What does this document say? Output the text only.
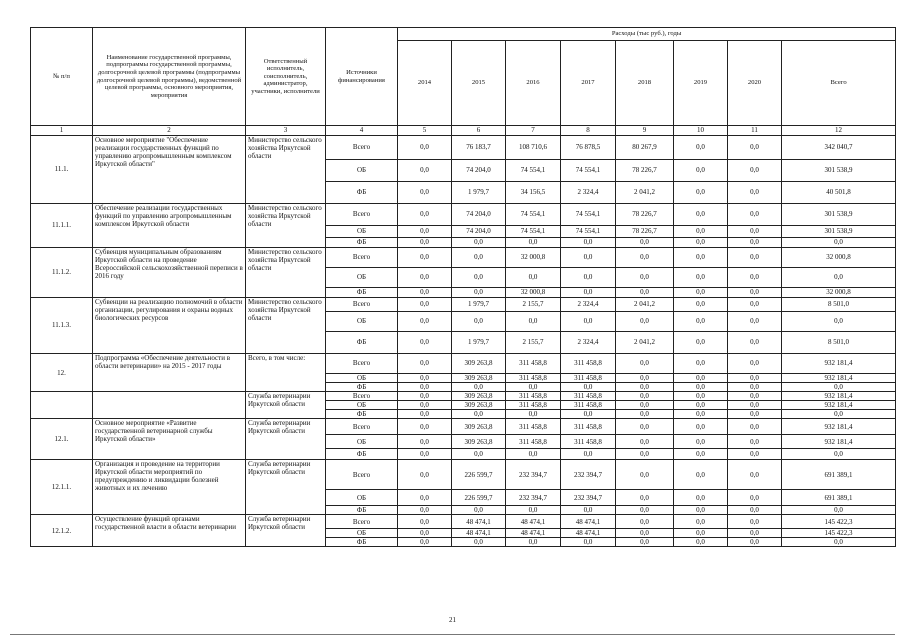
№ п/п	Наименование государственной программы, подпрограммы государственной программы, долгосрочной целевой программы (подпрограммы долгосрочной целевой программы), ведомственной целевой программы, основного мероприятия, мероприятия	Ответственный исполнитель, соисполнитель, администратор, участники, исполнители	Источники финансирования	Расходы (тыс руб.), годы							
				2014	2015	2016	2017	2018	2019	2020	Всего
1	2	3	4	5	6	7	8	9	10	11	12
11.1.	Основное мероприятие "Обеспечение реализации государственных функций по управлению агропромышленным комплексом Иркутской области"	Министерство сельского хозяйства Иркутской области	Всего	0,0	76 183,7	108 710,6	76 878,5	80 267,9	0,0	0,0	342 040,7
			ОБ	0,0	74 204,0	74 554,1	74 554,1	78 226,7	0,0	0,0	301 538,9
			ФБ	0,0	1 979,7	34 156,5	2 324,4	2 041,2	0,0	0,0	40 501,8
11.1.1.	Обеспечение реализации государственных функций по управлению агропромышленным комплексом Иркутской области	Министерство сельского хозяйства Иркутской области	Всего	0,0	74 204,0	74 554,1	74 554,1	78 226,7	0,0	0,0	301 538,9
			ОБ	0,0	74 204,0	74 554,1	74 554,1	78 226,7	0,0	0,0	301 538,9
			ФБ	0,0	0,0	0,0	0,0	0,0	0,0	0,0	0,0
11.1.2.	Субвенция муниципальным образованиям Иркутской области на проведение Всероссийской сельскохозяйственной переписи в 2016 году	Министерство сельского хозяйства Иркутской области	Всего	0,0	0,0	32 000,8	0,0	0,0	0,0	0,0	32 000,8
			ОБ	0,0	0,0	0,0	0,0	0,0	0,0	0,0	0,0
			ФБ	0,0	0,0	32 000,8	0,0	0,0	0,0	0,0	32 000,8
11.1.3.	Субвенции на реализацию полномочий в области организации, регулирования и охраны водных биологических ресурсов	Министерство сельского хозяйства Иркутской области	Всего	0,0	1 979,7	2 155,7	2 324,4	2 041,2	0,0	0,0	8 501,0
			ОБ	0,0	0,0	0,0	0,0	0,0	0,0	0,0	0,0
			ФБ	0,0	1 979,7	2 155,7	2 324,4	2 041,2	0,0	0,0	8 501,0
12.	Подпрограмма «Обеспечение деятельности в области ветеринарии» на 2015 - 2017 годы	Всего, в том числе:	Всего	0,0	309 263,8	311 458,8	311 458,8	0,0	0,0	0,0	932 181,4
			ОБ	0,0	309 263,8	311 458,8	311 458,8	0,0	0,0	0,0	932 181,4
			ФБ	0,0	0,0	0,0	0,0	0,0	0,0	0,0	0,0
		Служба ветеринарии Иркутской области	Всего	0,0	309 263,8	311 458,8	311 458,8	0,0	0,0	0,0	932 181,4
			ОБ	0,0	309 263,8	311 458,8	311 458,8	0,0	0,0	0,0	932 181,4
			ФБ	0,0	0,0	0,0	0,0	0,0	0,0	0,0	0,0
12.1.	Основное мероприятие «Развитие государственной ветеринарной службы Иркутской области»	Служба ветеринарии Иркутской области	Всего	0,0	309 263,8	311 458,8	311 458,8	0,0	0,0	0,0	932 181,4
			ОБ	0,0	309 263,8	311 458,8	311 458,8	0,0	0,0	0,0	932 181,4
			ФБ	0,0	0,0	0,0	0,0	0,0	0,0	0,0	0,0
12.1.1.	Организация и проведение на территории Иркутской области мероприятий по предупреждению и ликвидации болезней животных и их лечению	Служба ветеринарии Иркутской области	Всего	0,0	226 599,7	232 394,7	232 394,7	0,0	0,0	0,0	691 389,1
			ОБ	0,0	226 599,7	232 394,7	232 394,7	0,0	0,0	0,0	691 389,1
			ФБ	0,0	0,0	0,0	0,0	0,0	0,0	0,0	0,0
12.1.2.	Осуществление функций органами государственной власти в области ветеринарии	Служба ветеринарии Иркутской области	Всего	0,0	48 474,1	48 474,1	48 474,1	0,0	0,0	0,0	145 422,3
			ОБ	0,0	48 474,1	48 474,1	48 474,1	0,0	0,0	0,0	145 422,3
			ФБ	0,0	0,0	0,0	0,0	0,0	0,0	0,0	0,0
21
